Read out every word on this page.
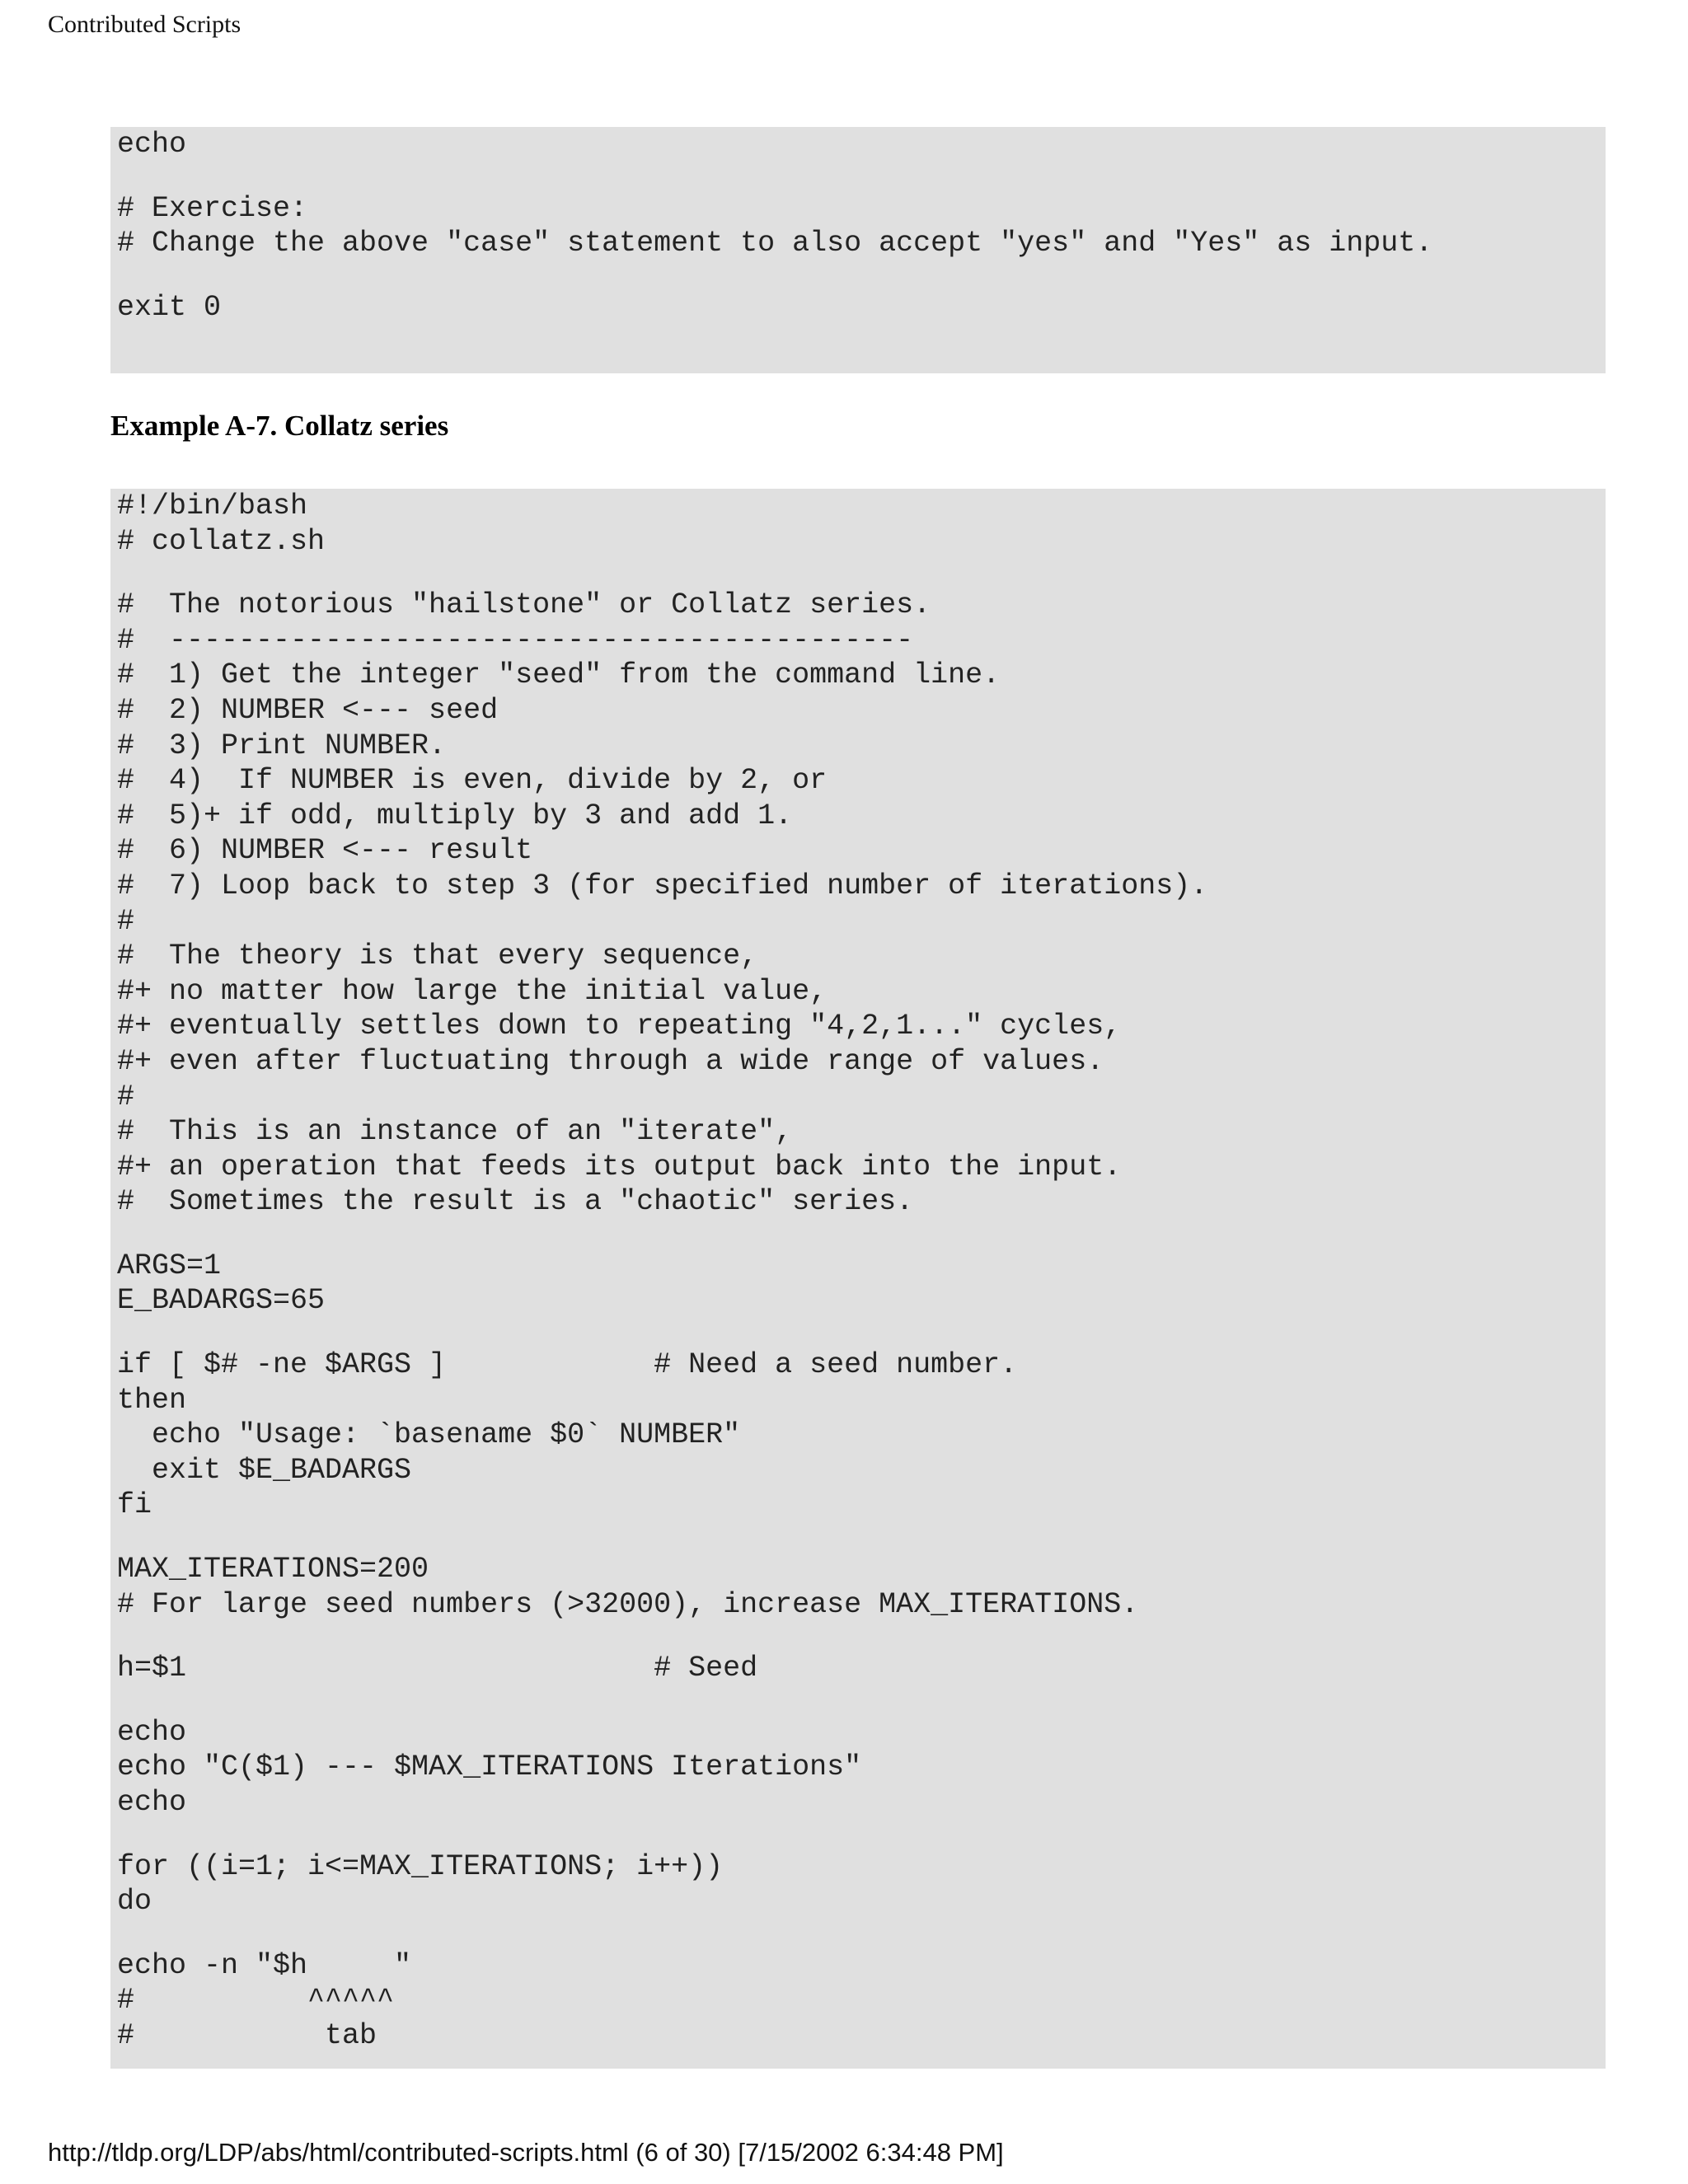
Contributed Scripts
echo
# Exercise:
# Change the above "case" statement to also accept "yes" and "Yes" as input.
exit 0
Example A-7. Collatz series
#!/bin/bash
# collatz.sh
#  The notorious "hailstone" or Collatz series.
#  -------------------------------------------
#  1) Get the integer "seed" from the command line.
#  2) NUMBER <--- seed
#  3) Print NUMBER.
#  4)  If NUMBER is even, divide by 2, or
#  5)+ if odd, multiply by 3 and add 1.
#  6) NUMBER <--- result
#  7) Loop back to step 3 (for specified number of iterations).
#
#  The theory is that every sequence,
#+ no matter how large the initial value,
#+ eventually settles down to repeating "4,2,1..." cycles,
#+ even after fluctuating through a wide range of values.
#
#  This is an instance of an "iterate",
#+ an operation that feeds its output back into the input.
#  Sometimes the result is a "chaotic" series.
ARGS=1
E_BADARGS=65
if [ $# -ne $ARGS ]            # Need a seed number.
then
echo "Usage: `basename $0` NUMBER"
exit $E_BADARGS
fi
MAX_ITERATIONS=200
# For large seed numbers (>32000), increase MAX_ITERATIONS.
h=$1                           # Seed
echo
echo "C($1) --- $MAX_ITERATIONS Iterations"
echo
for ((i=1; i<=MAX_ITERATIONS; i++))
do
echo -n "$h     "
#          ^^^^^
#           tab
http://tldp.org/LDP/abs/html/contributed-scripts.html (6 of 30) [7/15/2002 6:34:48 PM]
